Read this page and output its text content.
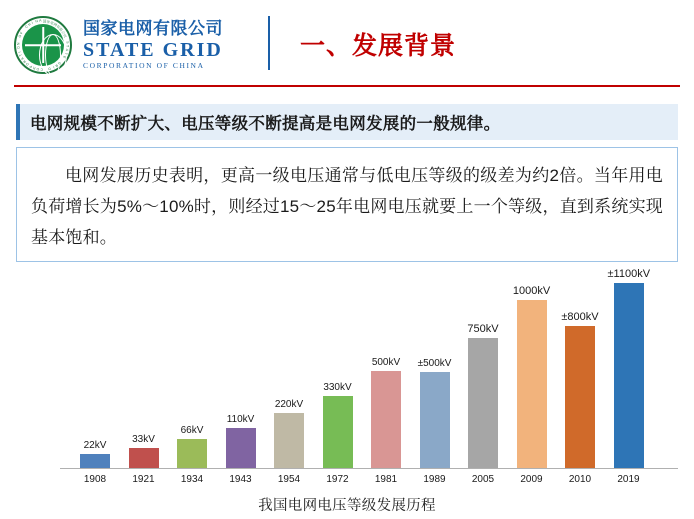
国 家 电
网
有
限
公
司
S
T
A
T
E
G
R
I
D
C
O
R
P
O
R
A
T
I
O
N
O
F
C
H I N A 国家电网有限公司
STATE GRID
CORPORATION OF CHINA
一、发展背景
电网规模不断扩大、电压等级不断提高是电网发展的一般规律。
电网发展历史表明，更高一级电压通常与低电压等级的级差为约2倍。当年用电负荷增长为5%～10%时，则经过15～25年电网电压就要上一个等级，直到系统实现基本饱和。
22kV
1908
33kV
1921
66kV
1934
110kV
1943
220kV
1954
330kV
1972
500kV
1981
±500kV
1989
750kV
2005
1000kV
2009
±800kV
2010
±1100kV
2019
我国电网电压等级发展历程
